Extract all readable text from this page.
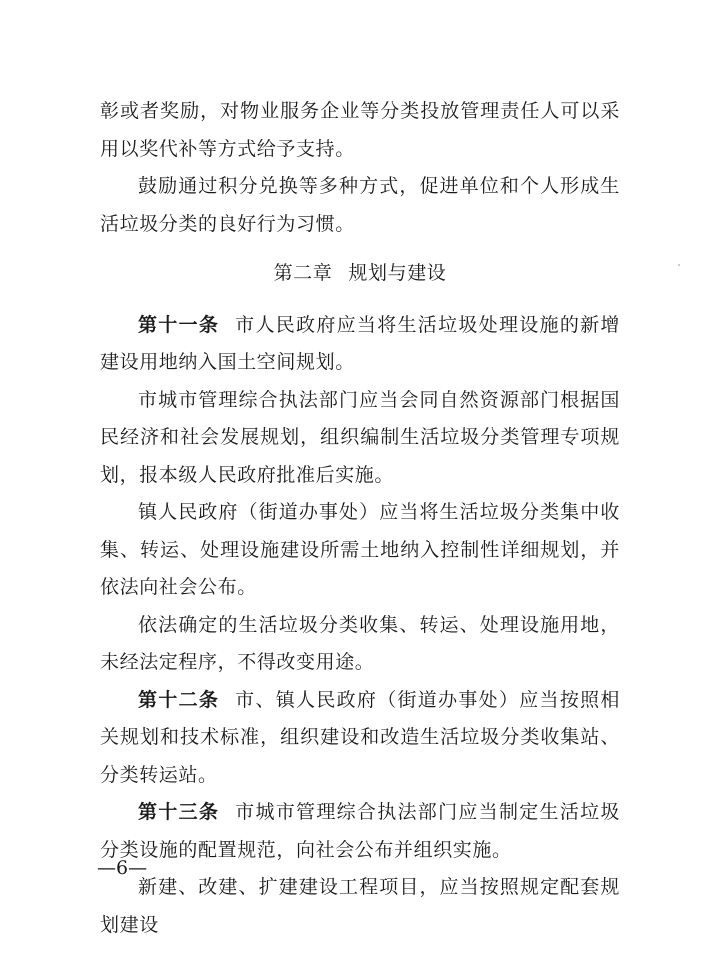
彰或者奖励，对物业服务企业等分类投放管理责任人可以采用以奖代补等方式给予支持。

鼓励通过积分兑换等多种方式，促进单位和个人形成生活垃圾分类的良好行为习惯。

第二章 规划与建设

第十一条 市人民政府应当将生活垃圾处理设施的新增建设用地纳入国土空间规划。

市城市管理综合执法部门应当会同自然资源部门根据国民经济和社会发展规划，组织编制生活垃圾分类管理专项规划，报本级人民政府批准后实施。

镇人民政府（街道办事处）应当将生活垃圾分类集中收集、转运、处理设施建设所需土地纳入控制性详细规划，并依法向社会公布。

依法确定的生活垃圾分类收集、转运、处理设施用地，未经法定程序，不得改变用途。

第十二条 市、镇人民政府（街道办事处）应当按照相关规划和技术标准，组织建设和改造生活垃圾分类收集站、分类转运站。

第十三条 市城市管理综合执法部门应当制定生活垃圾分类设施的配置规范，向社会公布并组织实施。

新建、改建、扩建建设工程项目，应当按照规定配套规划建设

—6—
